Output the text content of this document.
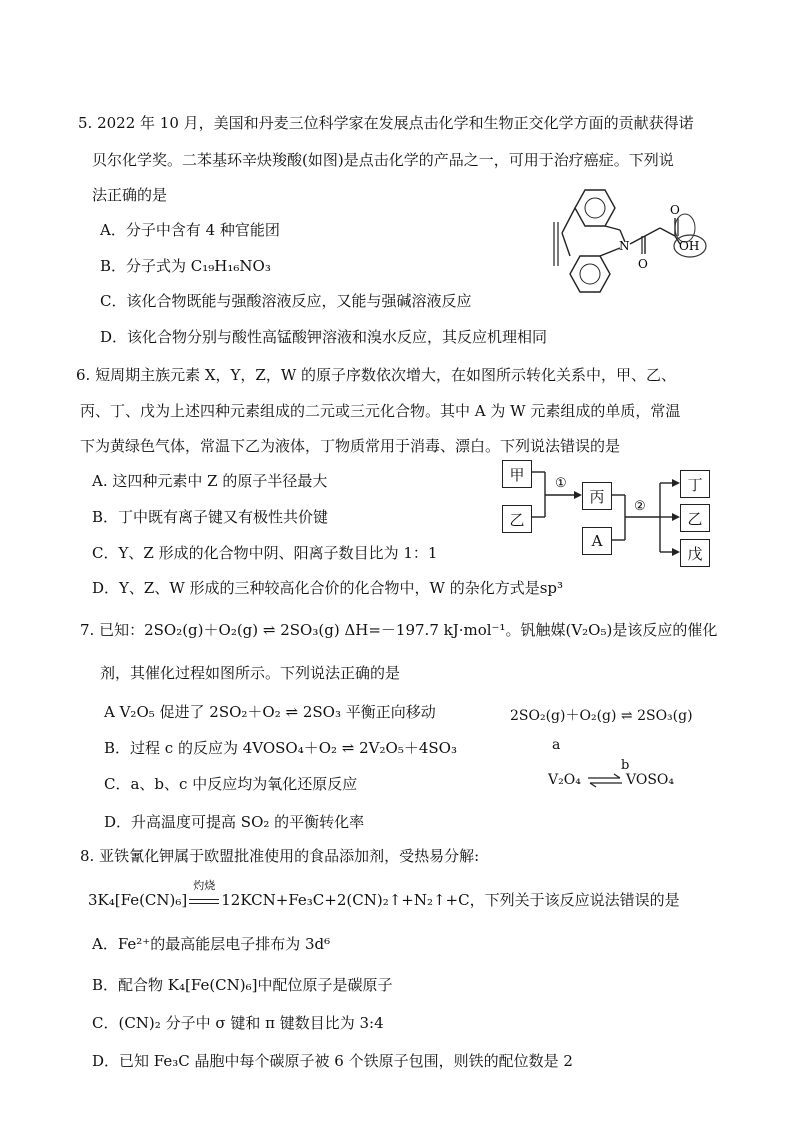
5. 2022 年 10 月，美国和丹麦三位科学家在发展点击化学和生物正交化学方面的贡献获得诺
贝尔化学奖。二苯基环辛炔羧酸(如图)是点击化学的产品之一，可用于治疗癌症。下列说
法正确的是
A．分子中含有 4 种官能团
B．分子式为 C₁₉H₁₆NO₃
C．该化合物既能与强酸溶液反应，又能与强碱溶液反应
D．该化合物分别与酸性高锰酸钾溶液和溴水反应，其反应机理相同
N
O
O
OH
6. 短周期主族元素 X，Y，Z，W 的原子序数依次增大，在如图所示转化关系中，甲、乙、
丙、丁、戊为上述四种元素组成的二元或三元化合物。其中 A 为 W 元素组成的单质，常温
下为黄绿色气体，常温下乙为液体，丁物质常用于消毒、漂白。下列说法错误的是
A. 这四种元素中 Z 的原子半径最大
B．丁中既有离子键又有极性共价键
C．Y、Z 形成的化合物中阴、阳离子数目比为 1：1
D．Y、Z、W 形成的三种较高化合价的化合物中，W 的杂化方式是sp³
①
②
甲
乙
丙
A
丁
乙
戊
7. 已知：2SO₂(g)＋O₂(g) ⇌ 2SO₃(g) ΔH=－197.7 kJ·mol⁻¹。钒触媒(V₂O₅)是该反应的催化
剂，其催化过程如图所示。下列说法正确的是
A V₂O₅ 促进了 2SO₂＋O₂ ⇌ 2SO₃ 平衡正向移动
B．过程 c 的反应为 4VOSO₄＋O₂ ⇌ 2V₂O₅＋4SO₃
C．a、b、c 中反应均为氧化还原反应
D．升高温度可提高 SO₂ 的平衡转化率
2SO₂(g)＋O₂(g) ⇌ 2SO₃(g)
a
b
V₂O₄ ⇌ VOSO₄
8. 亚铁氰化钾属于欧盟批准使用的食品添加剂，受热易分解:
3K₄[Fe(CN)₆]
灼烧
12KCN+Fe₃C+2(CN)₂↑+N₂↑+C，下列关于该反应说法错误的是
A．Fe²⁺的最高能层电子排布为 3d⁶
B．配合物 K₄[Fe(CN)₆]中配位原子是碳原子
C．(CN)₂ 分子中 σ 键和 π 键数目比为 3:4
D．已知 Fe₃C 晶胞中每个碳原子被 6 个铁原子包围，则铁的配位数是 2
